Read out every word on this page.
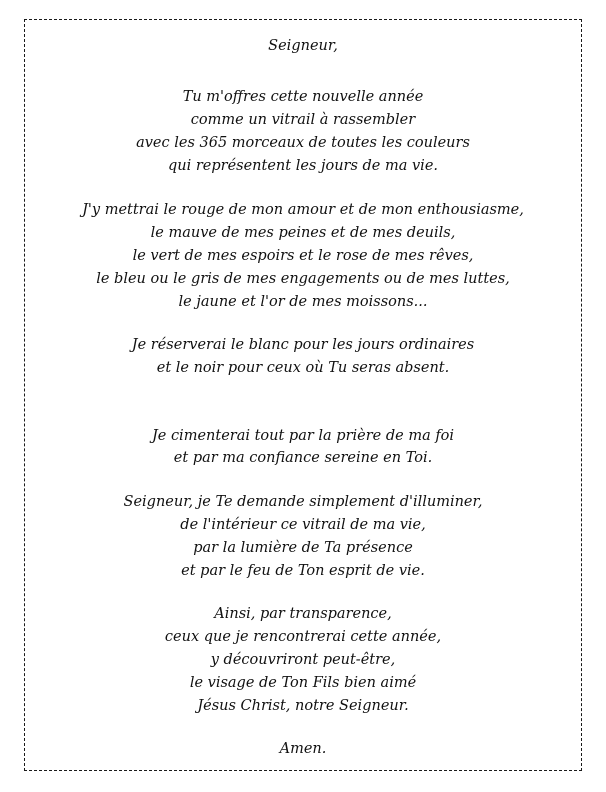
Seigneur,
Tu m'offres cette nouvelle année
comme un vitrail à rassembler
avec les 365 morceaux de toutes les couleurs
qui représentent les jours de ma vie.
J'y mettrai le rouge de mon amour et de mon enthousiasme,
le mauve de mes peines et de mes deuils,
le vert de mes espoirs et le rose de mes rêves,
le bleu ou le gris de mes engagements ou de mes luttes,
le jaune et l'or de mes moissons...
Je réserverai le blanc pour les jours ordinaires
et le noir pour ceux où Tu seras absent.
Je cimenterai tout par la prière de ma foi
et par ma confiance sereine en Toi.
Seigneur, je Te demande simplement d'illuminer,
de l'intérieur ce vitrail de ma vie,
par la lumière de Ta présence
et par le feu de Ton esprit de vie.
Ainsi, par transparence,
ceux que je rencontrerai cette année,
y découvriront peut-être,
le visage de Ton Fils bien aimé
Jésus Christ, notre Seigneur.
Amen.
